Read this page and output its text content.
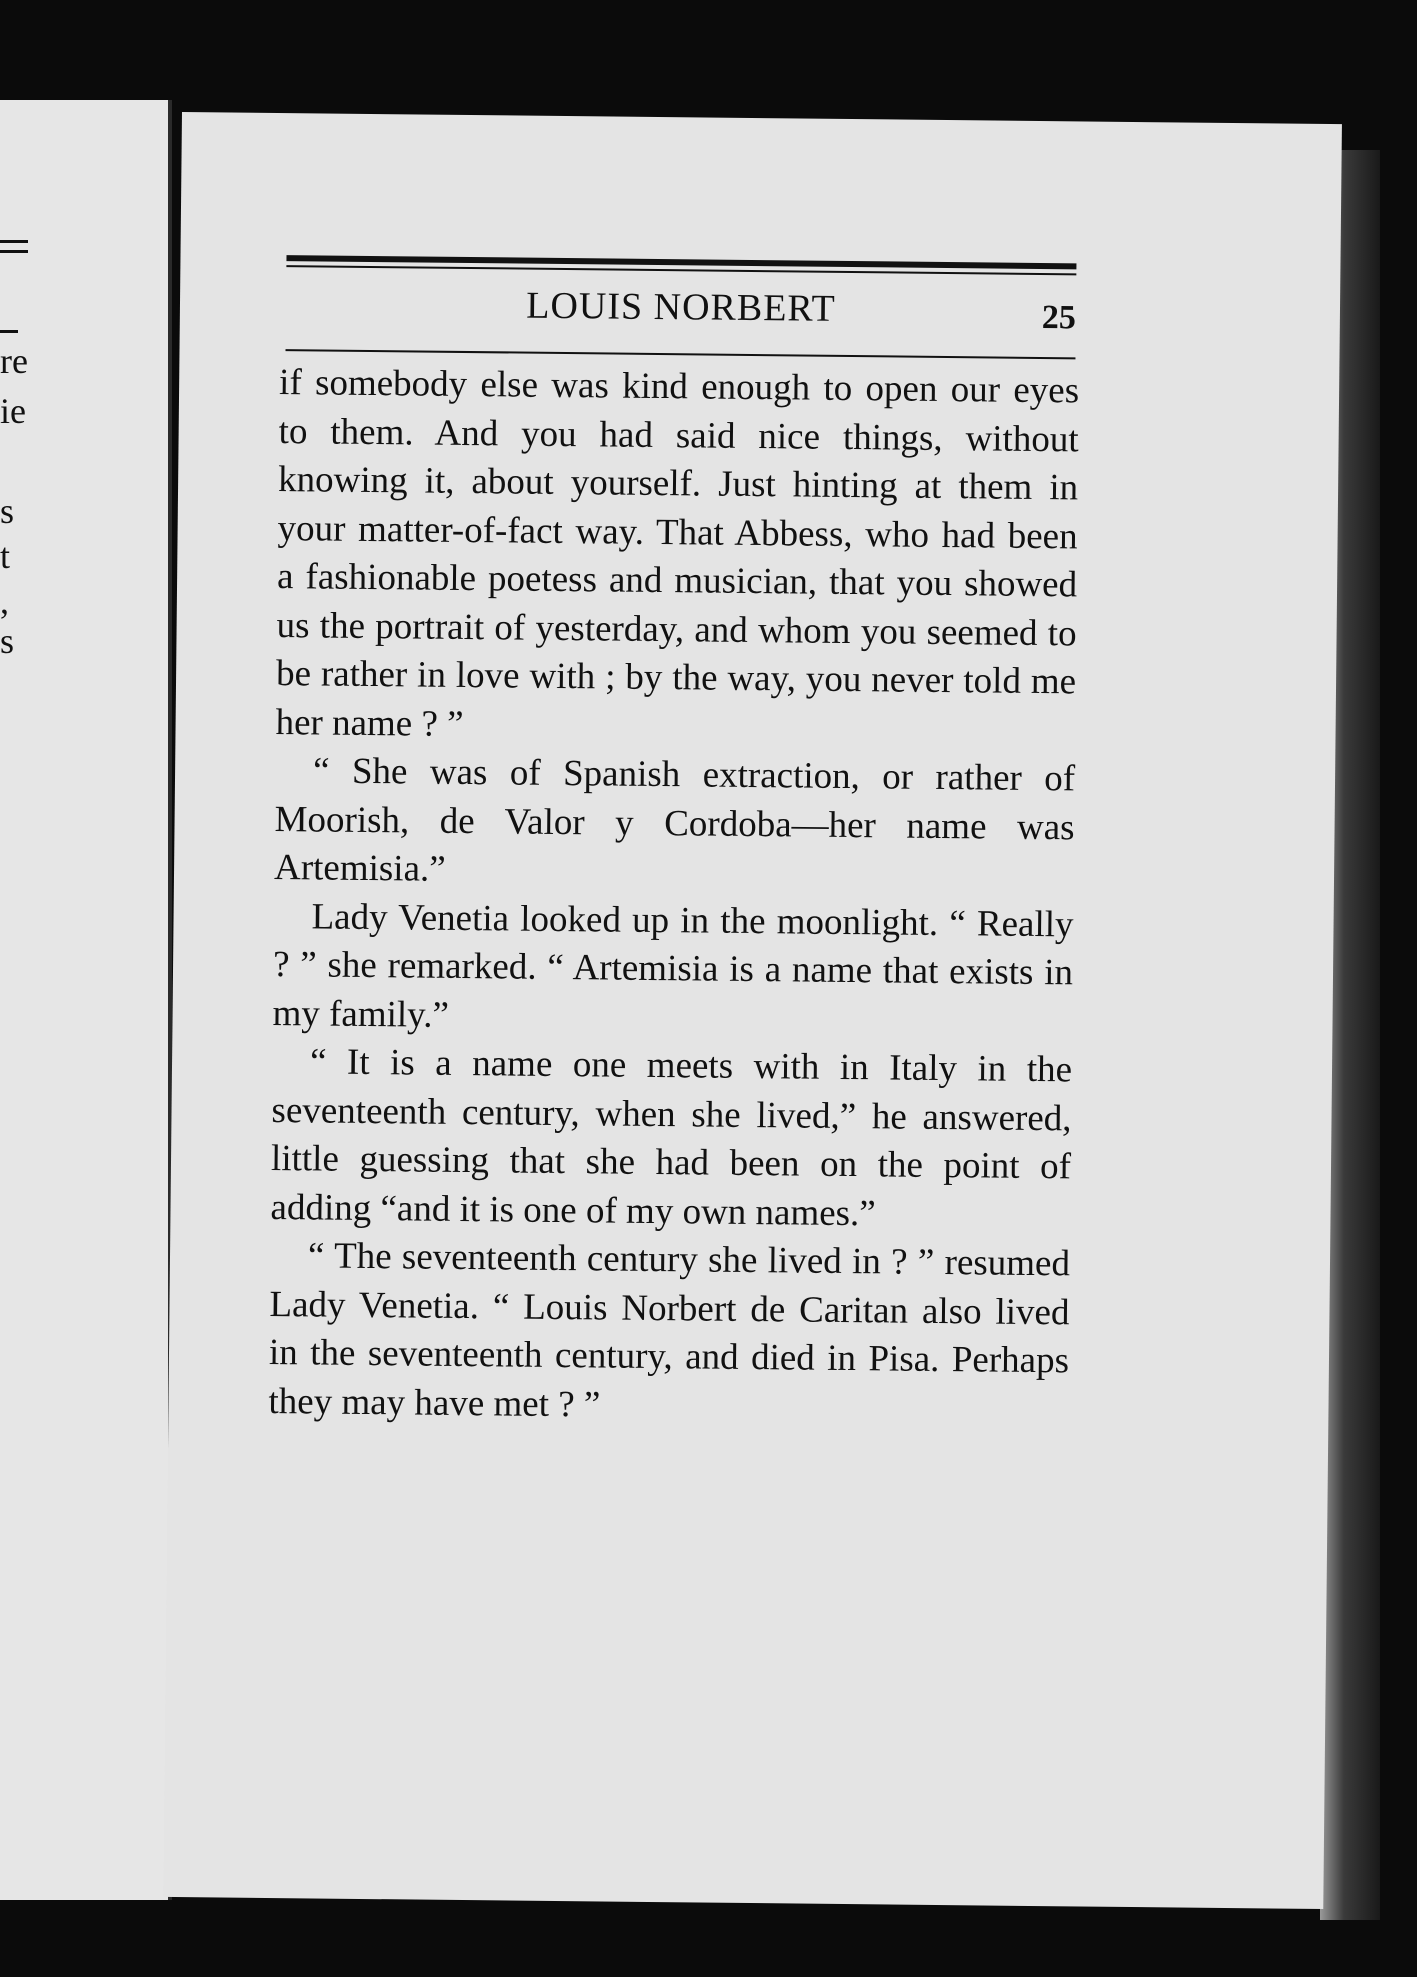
re
ie
s
t
,
s
LOUIS NORBERT	25

if somebody else was kind enough to open our eyes to them. And you had said nice things, without knowing it, about yourself. Just hinting at them in your matter-of-fact way. That Abbess, who had been a fashionable poetess and musician, that you showed us the portrait of yesterday, and whom you seemed to be rather in love with ; by the way, you never told me her name ? ”

“ She was of Spanish extraction, or rather of Moorish, de Valor y Cordoba—her name was Artemisia.”

Lady Venetia looked up in the moonlight. “ Really ? ” she remarked. “ Artemisia is a name that exists in my family.”

“ It is a name one meets with in Italy in the seventeenth century, when she lived,” he answered, little guessing that she had been on the point of adding “and it is one of my own names.”

“ The seventeenth century she lived in ? ” resumed Lady Venetia. “ Louis Norbert de Caritan also lived in the seventeenth century, and died in Pisa. Perhaps they may have met ? ”
